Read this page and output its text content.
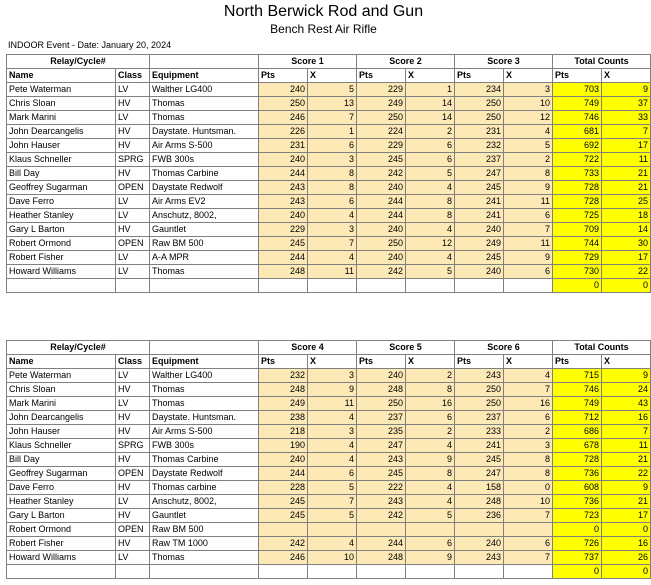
North Berwick Rod and Gun
Bench Rest Air Rifle
INDOOR Event - Date: January 20, 2024
Relay/Cycle#			Score 1		Score 2		Score 3		Total Counts	
Name	Class	Equipment	Pts	X	Pts	X	Pts	X	Pts	X
Pete Waterman	LV	Walther LG400	240	5	229	1	234	3	703	9
Chris Sloan	HV	Thomas	250	13	249	14	250	10	749	37
Mark Marini	LV	Thomas	246	7	250	14	250	12	746	33
John Dearcangelis	HV	Daystate. Huntsman.	226	1	224	2	231	4	681	7
John Hauser	HV	Air Arms S-500	231	6	229	6	232	5	692	17
Klaus Schneller	SPRG	FWB 300s	240	3	245	6	237	2	722	11
Bill Day	HV	Thomas Carbine	244	8	242	5	247	8	733	21
Geoffrey Sugarman	OPEN	Daystate Redwolf	243	8	240	4	245	9	728	21
Dave Ferro	LV	Air Arms EV2	243	6	244	8	241	11	728	25
Heather Stanley	LV	Anschutz, 8002,	240	4	244	8	241	6	725	18
Gary L Barton	HV	Gauntlet	229	3	240	4	240	7	709	14
Robert Ormond	OPEN	Raw BM 500	245	7	250	12	249	11	744	30
Robert Fisher	LV	A-A MPR	244	4	240	4	245	9	729	17
Howard Williams	LV	Thomas	248	11	242	5	240	6	730	22
									0	0
Relay/Cycle#			Score 4		Score 5		Score 6		Total Counts	
Name	Class	Equipment	Pts	X	Pts	X	Pts	X	Pts	X
Pete Waterman	LV	Walther LG400	232	3	240	2	243	4	715	9
Chris Sloan	HV	Thomas	248	9	248	8	250	7	746	24
Mark Marini	LV	Thomas	249	11	250	16	250	16	749	43
John Dearcangelis	HV	Daystate. Huntsman.	238	4	237	6	237	6	712	16
John Hauser	HV	Air Arms S-500	218	3	235	2	233	2	686	7
Klaus Schneller	SPRG	FWB 300s	190	4	247	4	241	3	678	11
Bill Day	HV	Thomas Carbine	240	4	243	9	245	8	728	21
Geoffrey Sugarman	OPEN	Daystate Redwolf	244	6	245	8	247	8	736	22
Dave Ferro	HV	Thomas carbine	228	5	222	4	158	0	608	9
Heather Stanley	LV	Anschutz, 8002,	245	7	243	4	248	10	736	21
Gary L Barton	HV	Gauntlet	245	5	242	5	236	7	723	17
Robert Ormond	OPEN	Raw BM 500							0	0
Robert Fisher	HV	Raw TM 1000	242	4	244	6	240	6	726	16
Howard Williams	LV	Thomas	246	10	248	9	243	7	737	26
									0	0
